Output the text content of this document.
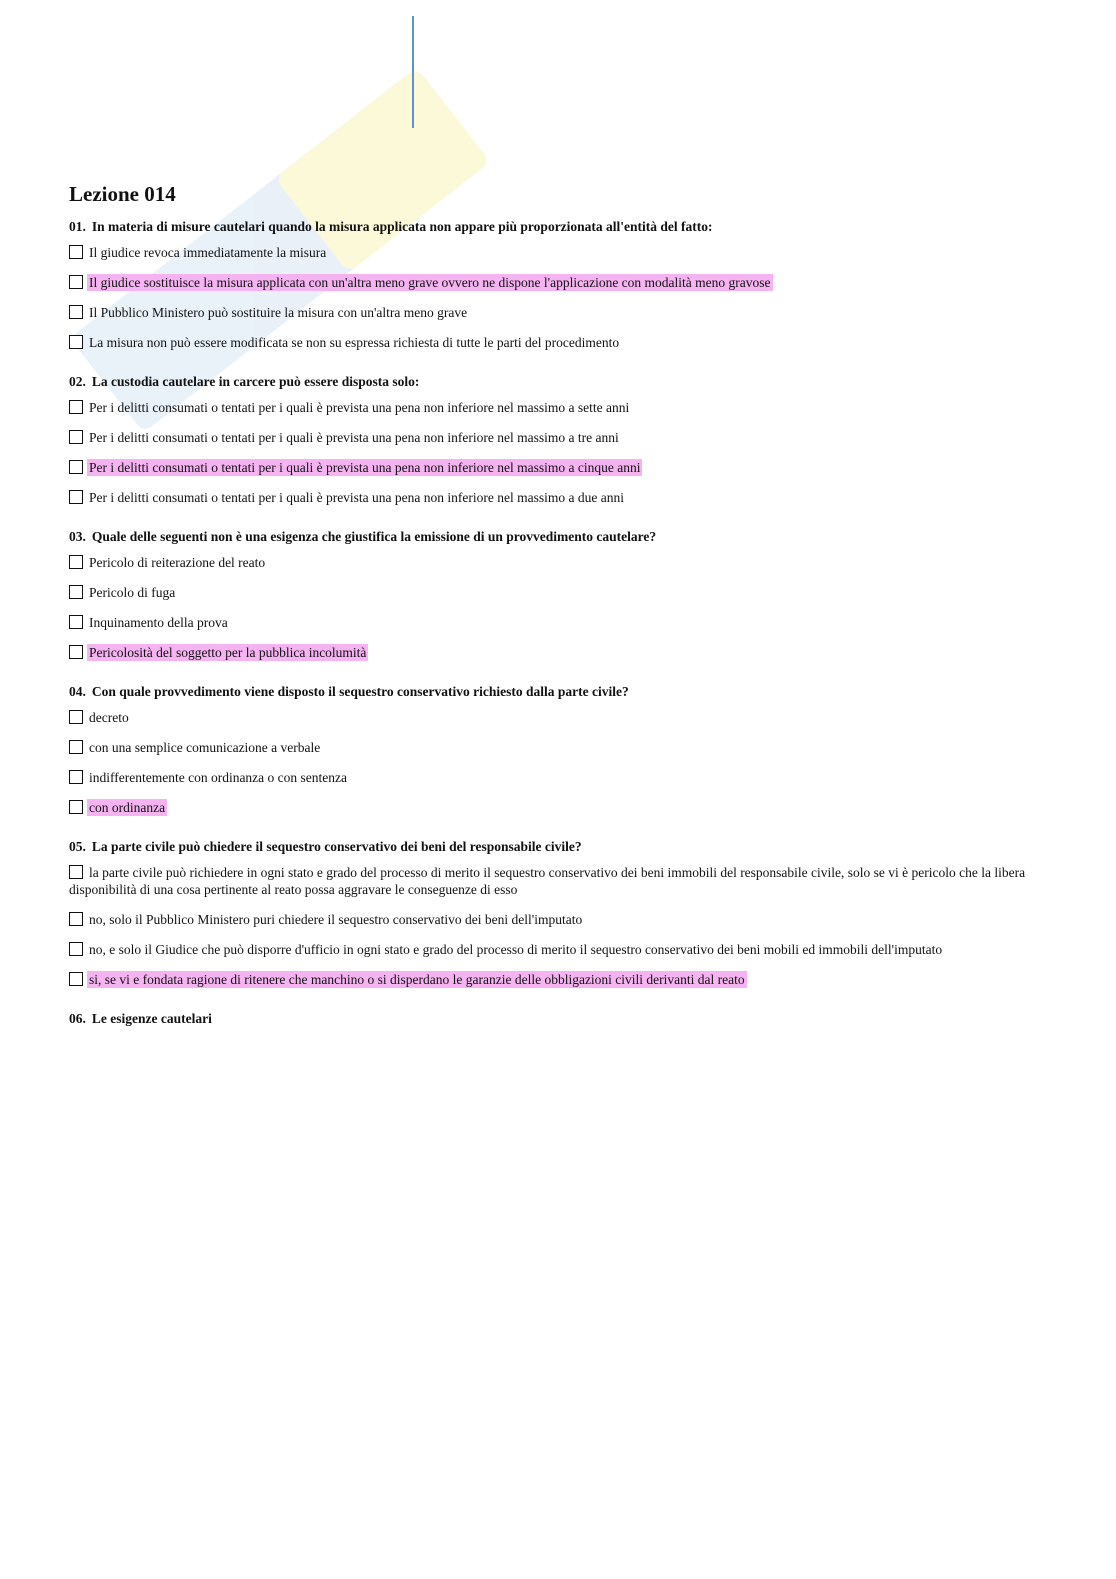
Lezione 014
01. In materia di misure cautelari quando la misura applicata non appare più proporzionata all'entità del fatto:
Il giudice revoca immediatamente la misura
Il giudice sostituisce la misura applicata con un'altra meno grave ovvero ne dispone l'applicazione con modalità meno gravose
Il Pubblico Ministero può sostituire la misura con un'altra meno grave
La misura non può essere modificata se non su espressa richiesta di tutte le parti del procedimento
02. La custodia cautelare in carcere può essere disposta solo:
Per i delitti consumati o tentati per i quali è prevista una pena non inferiore nel massimo a sette anni
Per i delitti consumati o tentati per i quali è prevista una pena non inferiore nel massimo a tre anni
Per i delitti consumati o tentati per i quali è prevista una pena non inferiore nel massimo a cinque anni
Per i delitti consumati o tentati per i quali è prevista una pena non inferiore nel massimo a due anni
03. Quale delle seguenti non è una esigenza che giustifica la emissione di un provvedimento cautelare?
Pericolo di reiterazione del reato
Pericolo di fuga
Inquinamento della prova
Pericolosità del soggetto per la pubblica incolumità
04. Con quale provvedimento viene disposto il sequestro conservativo richiesto dalla parte civile?
decreto
con una semplice comunicazione a verbale
indifferentemente con ordinanza o con sentenza
con ordinanza
05. La parte civile può chiedere il sequestro conservativo dei beni del responsabile civile?
la parte civile può richiedere in ogni stato e grado del processo di merito il sequestro conservativo dei beni immobili del responsabile civile, solo se vi è pericolo che la libera disponibilità di una cosa pertinente al reato possa aggravare le conseguenze di esso
no, solo il Pubblico Ministero puri chiedere il sequestro conservativo dei beni dell'imputato
no, e solo il Giudice che può disporre d'ufficio in ogni stato e grado del processo di merito il sequestro conservativo dei beni mobili ed immobili dell'imputato
si, se vi e fondata ragione di ritenere che manchino o si disperdano le garanzie delle obbligazioni civili derivanti dal reato
06. Le esigenze cautelari
